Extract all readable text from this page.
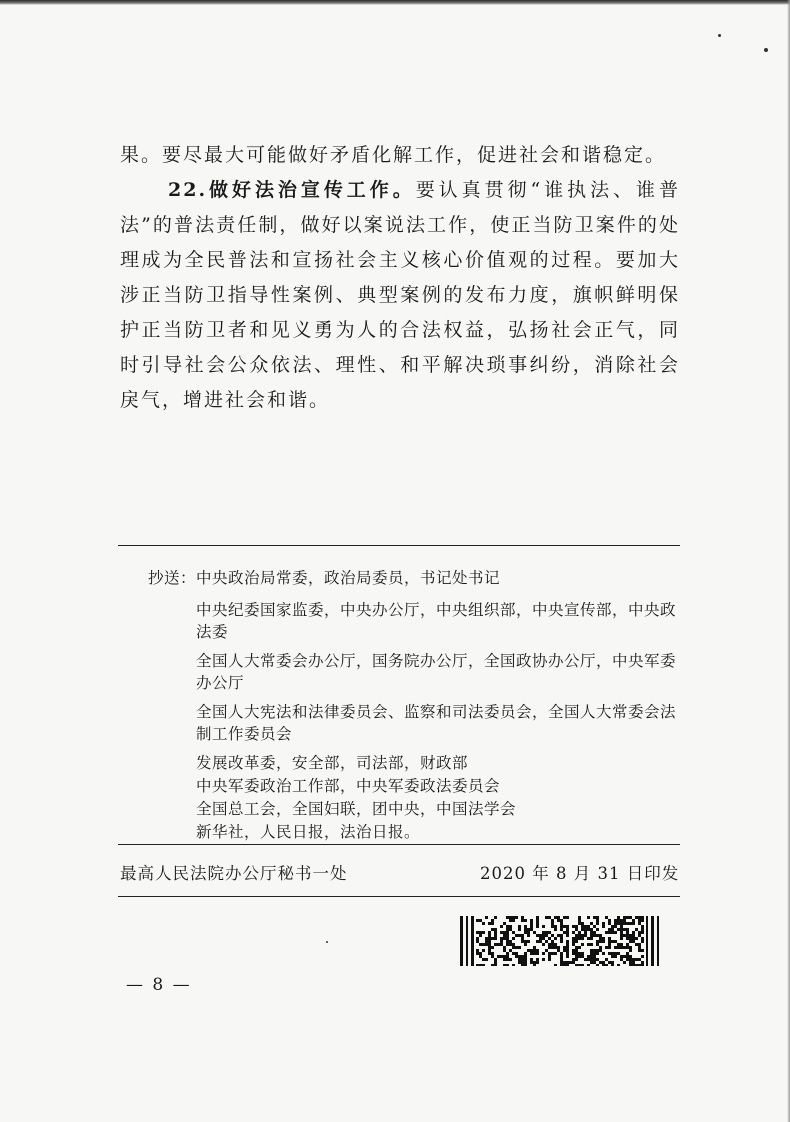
果。要尽最大可能做好矛盾化解工作，促进社会和谐稳定。

22.做好法治宣传工作。要认真贯彻“谁执法、谁普法”的普法责任制，做好以案说法工作，使正当防卫案件的处理成为全民普法和宣扬社会主义核心价值观的过程。要加大涉正当防卫指导性案例、典型案例的发布力度，旗帜鲜明保护正当防卫者和见义勇为人的合法权益，弘扬社会正气，同时引导社会公众依法、理性、和平解决琐事纠纷，消除社会戾气，增进社会和谐。

抄送： 中央政治局常委，政治局委员，书记处书记
中央纪委国家监委，中央办公厅，中央组织部，中央宣传部，中央政法委
全国人大常委会办公厅，国务院办公厅，全国政协办公厅，中央军委办公厅
全国人大宪法和法律委员会、监察和司法委员会，全国人大常委会法制工作委员会
发展改革委，安全部，司法部，财政部
中央军委政治工作部，中央军委政法委员会
全国总工会，全国妇联，团中央，中国法学会
新华社，人民日报，法治日报。
最高人民法院办公厅秘书一处	2020 年 8 月 31 日印发
— 8 —
